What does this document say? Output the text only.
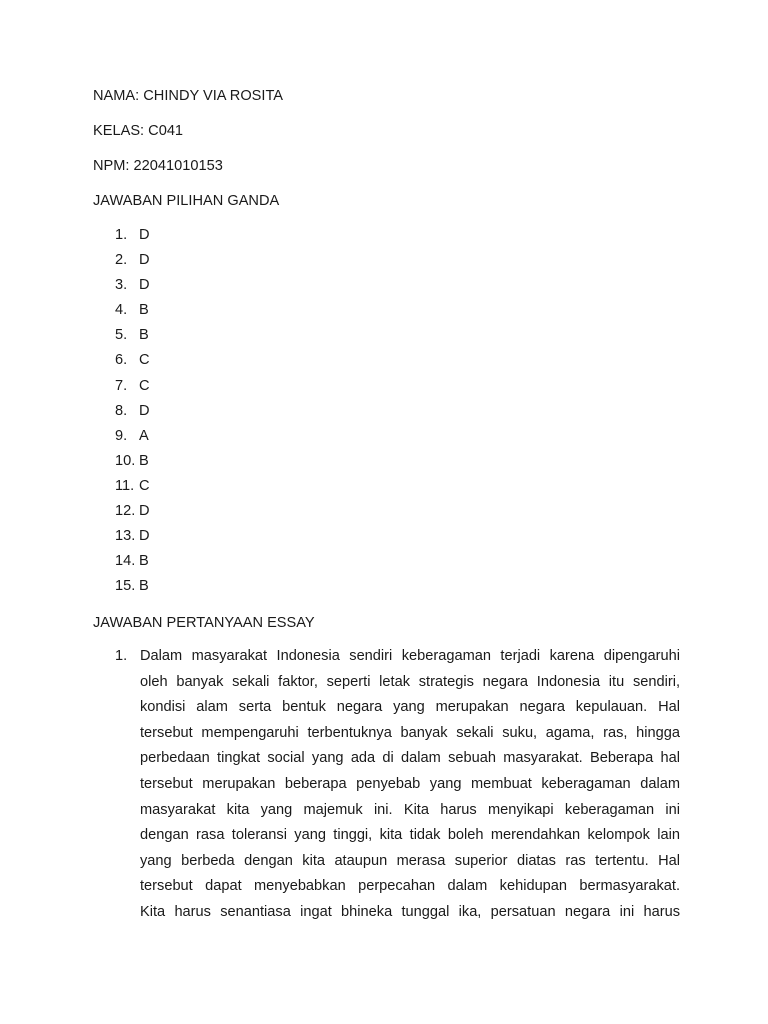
NAMA: CHINDY VIA ROSITA
KELAS: C041
NPM: 22041010153
JAWABAN PILIHAN GANDA
1. D
2. D
3. D
4. B
5. B
6. C
7. C
8. D
9. A
10. B
11. C
12. D
13. D
14. B
15. B
JAWABAN PERTANYAAN ESSAY
1. Dalam masyarakat Indonesia sendiri keberagaman terjadi karena dipengaruhi
oleh banyak sekali faktor, seperti letak strategis negara Indonesia itu sendiri,
kondisi alam serta bentuk negara yang merupakan negara kepulauan. Hal
tersebut mempengaruhi terbentuknya banyak sekali suku, agama, ras, hingga
perbedaan tingkat social yang ada di dalam sebuah masyarakat. Beberapa hal
tersebut merupakan beberapa penyebab yang membuat keberagaman dalam
masyarakat kita yang majemuk ini. Kita harus menyikapi keberagaman ini
dengan rasa toleransi yang tinggi, kita tidak boleh merendahkan kelompok lain
yang berbeda dengan kita ataupun merasa superior diatas ras tertentu. Hal
tersebut dapat menyebabkan perpecahan dalam kehidupan bermasyarakat.
Kita harus senantiasa ingat bhineka tunggal ika, persatuan negara ini harus
